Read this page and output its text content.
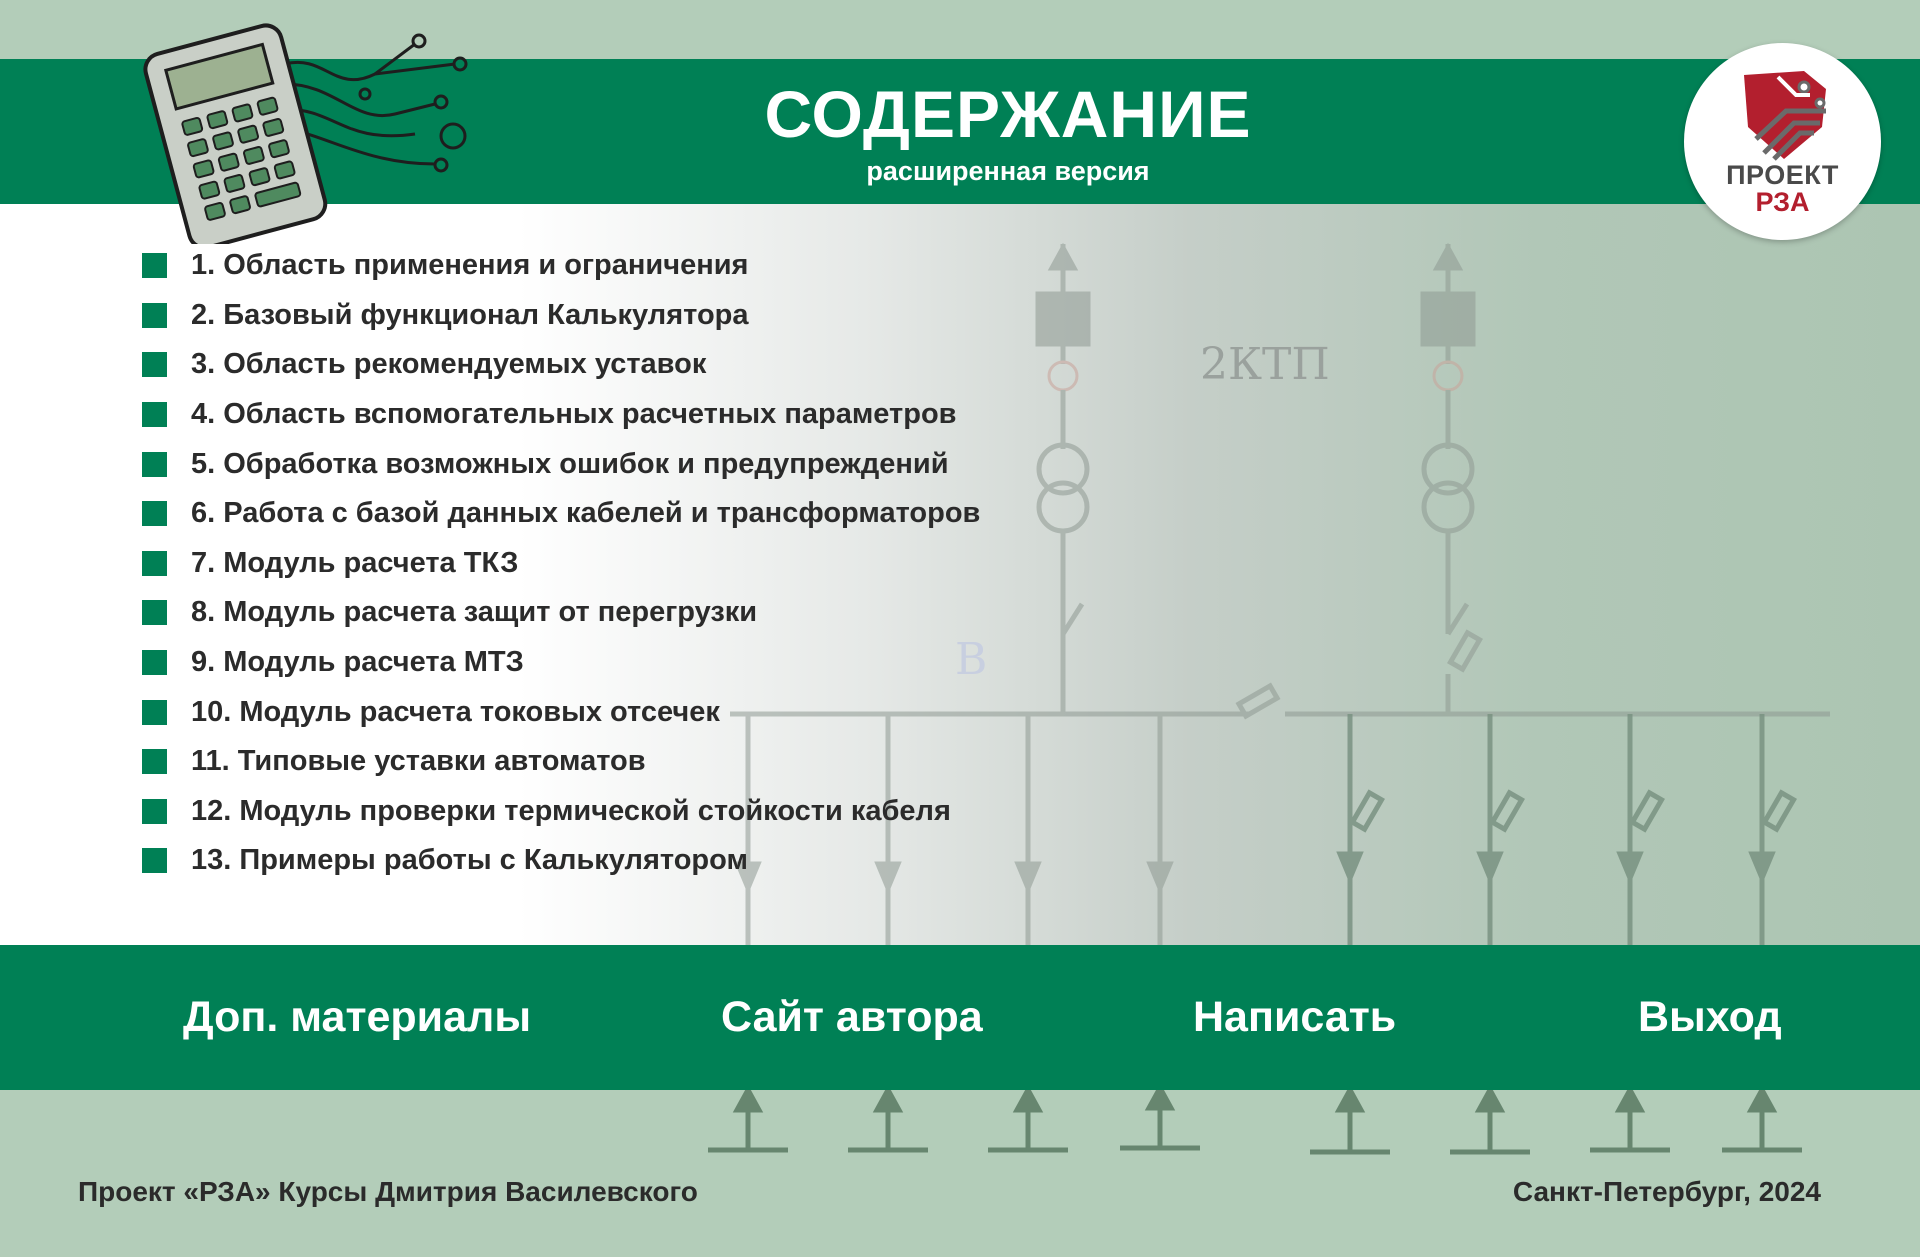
СОДЕРЖАНИЕ
расширенная версия
2КТП
В
ПРОЕКТ
РЗА
1. Область применения и ограничения
2. Базовый функционал Калькулятора
3. Область рекомендуемых уставок
4. Область вспомогательных расчетных параметров
5. Обработка возможных ошибок и предупреждений
6. Работа с базой данных кабелей и трансформаторов
7. Модуль расчета ТКЗ
8. Модуль расчета защит от перегрузки
9. Модуль расчета МТЗ
10. Модуль расчета токовых отсечек
11. Типовые уставки автоматов
12. Модуль проверки термической стойкости кабеля
13. Примеры работы с Калькулятором
Доп. материалы	Сайт автора	Написать	Выход
Проект «РЗА» Курсы Дмитрия Василевского	Санкт-Петербург, 2024
